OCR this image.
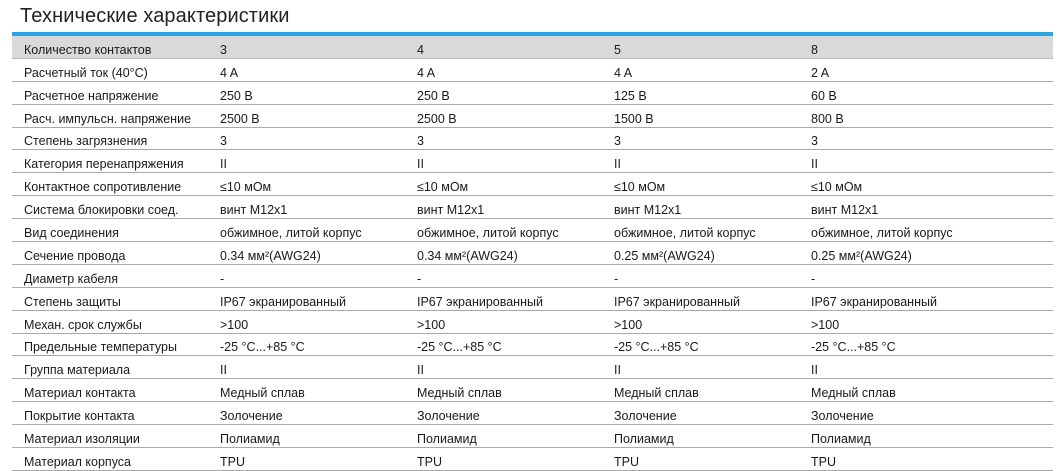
Технические характеристики
Количество контактов	3	4	5	8
Расчетный ток (40°C)	4 A	4 A	4 A	2 A
Расчетное напряжение	250 В	250 В	125 В	60 В
Расч. импульсн. напряжение	2500 В	2500 В	1500 В	800 В
Степень загрязнения	3	3	3	3
Категория перенапряжения	II	II	II	II
Контактное сопротивление	≤10 мОм	≤10 мОм	≤10 мОм	≤10 мОм
Система блокировки соед.	винт M12x1	винт M12x1	винт M12x1	винт M12x1
Вид соединения	обжимное, литой корпус	обжимное, литой корпус	обжимное, литой корпус	обжимное, литой корпус
Сечение провода	0.34 мм²(AWG24)	0.34 мм²(AWG24)	0.25 мм²(AWG24)	0.25 мм²(AWG24)
Диаметр кабеля	-	-	-	-
Степень защиты	IP67 экранированный	IP67 экранированный	IP67 экранированный	IP67 экранированный
Механ. срок службы	>100	>100	>100	>100
Предельные температуры	-25 °C...+85 °C	-25 °C...+85 °C	-25 °C...+85 °C	-25 °C...+85 °C
Группа материала	II	II	II	II
Материал контакта	Медный сплав	Медный сплав	Медный сплав	Медный сплав
Покрытие контакта	Золочение	Золочение	Золочение	Золочение
Материал изоляции	Полиамид	Полиамид	Полиамид	Полиамид
Материал корпуса	TPU	TPU	TPU	TPU
